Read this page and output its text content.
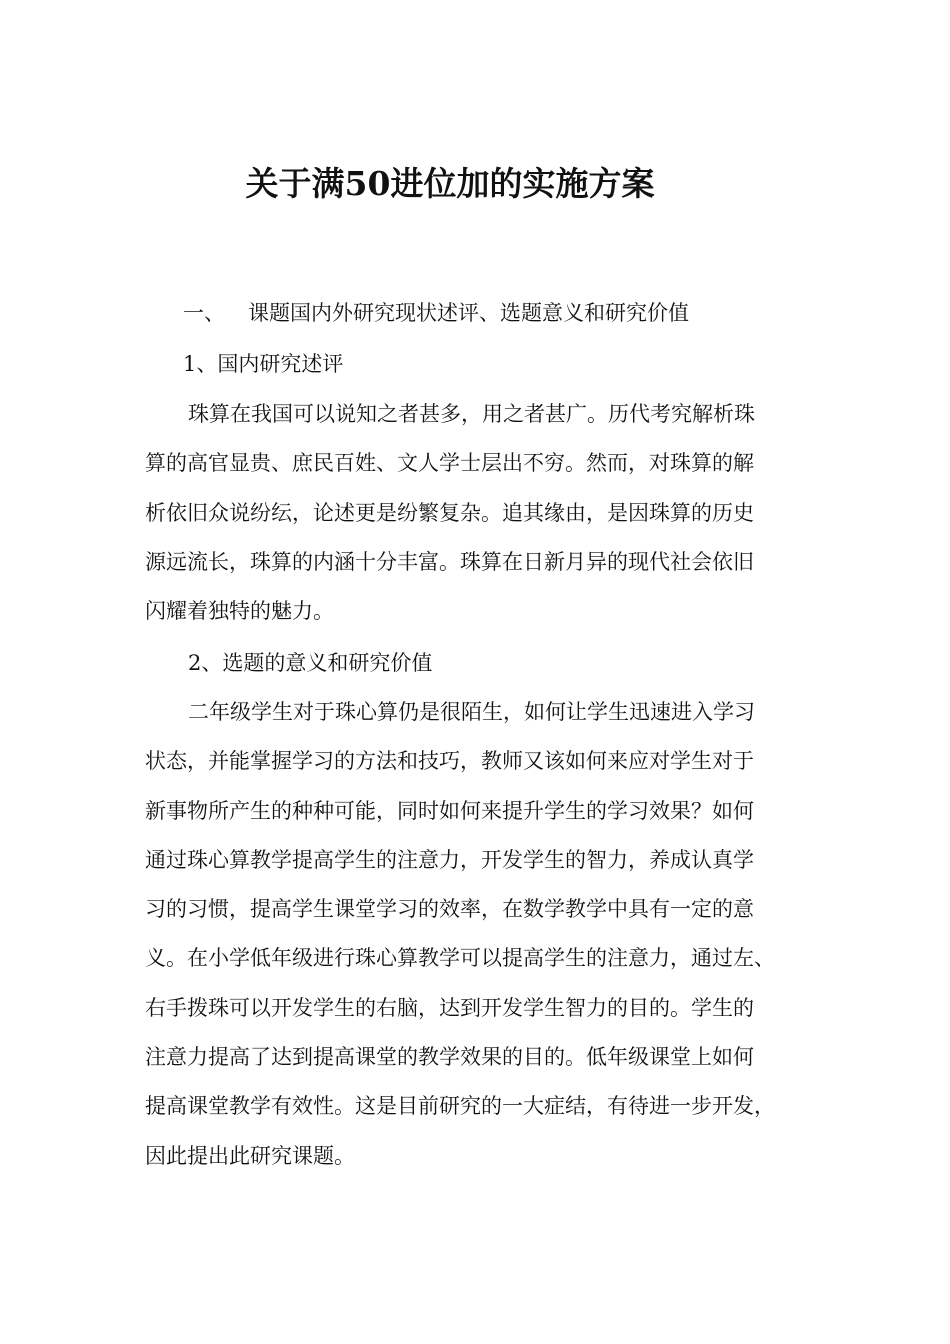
关于满50进位加的实施方案
一、 课题国内外研究现状述评、选题意义和研究价值
1、国内研究述评
珠算在我国可以说知之者甚多，用之者甚广。历代考究解析珠
算的高官显贵、庶民百姓、文人学士层出不穷。然而，对珠算的解
析依旧众说纷纭，论述更是纷繁复杂。追其缘由，是因珠算的历史
源远流长，珠算的内涵十分丰富。珠算在日新月异的现代社会依旧
闪耀着独特的魅力。
2、选题的意义和研究价值
二年级学生对于珠心算仍是很陌生，如何让学生迅速进入学习
状态，并能掌握学习的方法和技巧，教师又该如何来应对学生对于
新事物所产生的种种可能，同时如何来提升学生的学习效果？如何
通过珠心算教学提高学生的注意力，开发学生的智力，养成认真学
习的习惯，提高学生课堂学习的效率，在数学教学中具有一定的意
义。在小学低年级进行珠心算教学可以提高学生的注意力，通过左、
右手拨珠可以开发学生的右脑，达到开发学生智力的目的。学生的
注意力提高了达到提高课堂的教学效果的目的。低年级课堂上如何
提高课堂教学有效性。这是目前研究的一大症结，有待进一步开发，
因此提出此研究课题。
